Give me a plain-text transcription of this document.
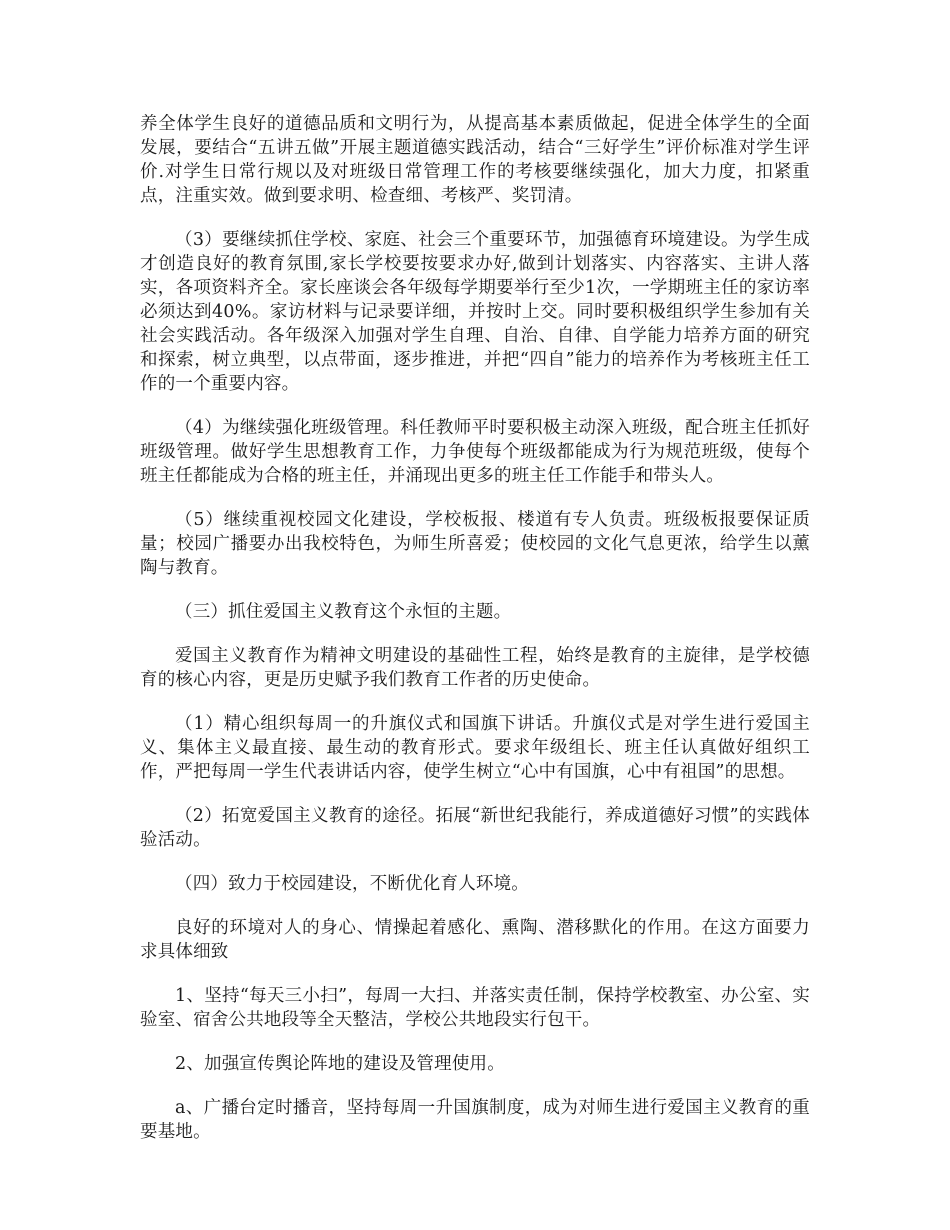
养全体学生良好的道德品质和文明行为，从提高基本素质做起，促进全体学生的全面发展，要结合“五讲五做”开展主题道德实践活动，结合“三好学生”评价标准对学生评价.对学生日常行规以及对班级日常管理工作的考核要继续强化，加大力度，扣紧重点，注重实效。做到要求明、检查细、考核严、奖罚清。

（3）要继续抓住学校、家庭、社会三个重要环节，加强德育环境建设。为学生成才创造良好的教育氛围,家长学校要按要求办好,做到计划落实、内容落实、主讲人落实，各项资料齐全。家长座谈会各年级每学期要举行至少1次，一学期班主任的家访率必须达到40%。家访材料与记录要详细，并按时上交。同时要积极组织学生参加有关社会实践活动。各年级深入加强对学生自理、自治、自律、自学能力培养方面的研究和探索，树立典型，以点带面，逐步推进，并把“四自”能力的培养作为考核班主任工作的一个重要内容。

（4）为继续强化班级管理。科任教师平时要积极主动深入班级，配合班主任抓好班级管理。做好学生思想教育工作，力争使每个班级都能成为行为规范班级，使每个班主任都能成为合格的班主任，并涌现出更多的班主任工作能手和带头人。

（5）继续重视校园文化建设，学校板报、楼道有专人负责。班级板报要保证质量；校园广播要办出我校特色，为师生所喜爱；使校园的文化气息更浓，给学生以薰陶与教育。

（三）抓住爱国主义教育这个永恒的主题。

爱国主义教育作为精神文明建设的基础性工程，始终是教育的主旋律，是学校德育的核心内容，更是历史赋予我们教育工作者的历史使命。

（1）精心组织每周一的升旗仪式和国旗下讲话。升旗仪式是对学生进行爱国主义、集体主义最直接、最生动的教育形式。要求年级组长、班主任认真做好组织工作，严把每周一学生代表讲话内容，使学生树立“心中有国旗，心中有祖国”的思想。

（2）拓宽爱国主义教育的途径。拓展“新世纪我能行，养成道德好习惯”的实践体验活动。

（四）致力于校园建设，不断优化育人环境。

良好的环境对人的身心、情操起着感化、熏陶、潜移默化的作用。在这方面要力求具体细致

1、坚持“每天三小扫”，每周一大扫、并落实责任制，保持学校教室、办公室、实验室、宿舍公共地段等全天整洁，学校公共地段实行包干。

2、加强宣传舆论阵地的建设及管理使用。

a、广播台定时播音，坚持每周一升国旗制度，成为对师生进行爱国主义教育的重要基地。
